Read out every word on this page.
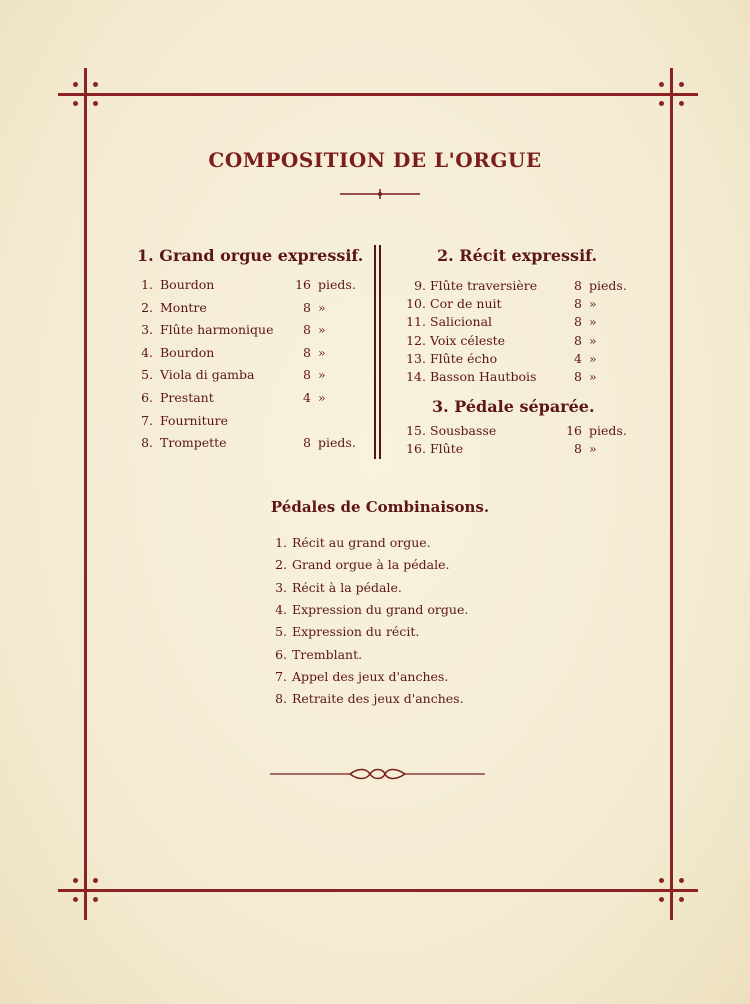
COMPOSITION DE L'ORGUE
1. Grand orgue expressif.
1. Bourdon	16 pieds.
2. Montre	8 »
3. Flûte harmonique	8 »
4. Bourdon	8 »
5. Viola di gamba	8 »
6. Prestant	4 »
7. Fourniture
8. Trompette	8 pieds.
2. Récit expressif.
9. Flûte traversière	8 pieds.
10. Cor de nuit	8 »
11. Salicional	8 »
12. Voix céleste	8 »
13. Flûte écho	4 »
14. Basson Hautbois	8 »
3. Pédale séparée.
15. Sousbasse	16 pieds.
16. Flûte	8 »
Pédales de Combinaisons.
1. Récit au grand orgue.
2. Grand orgue à la pédale.
3. Récit à la pédale.
4. Expression du grand orgue.
5. Expression du récit.
6. Tremblant.
7. Appel des jeux d'anches.
8. Retraite des jeux d'anches.
